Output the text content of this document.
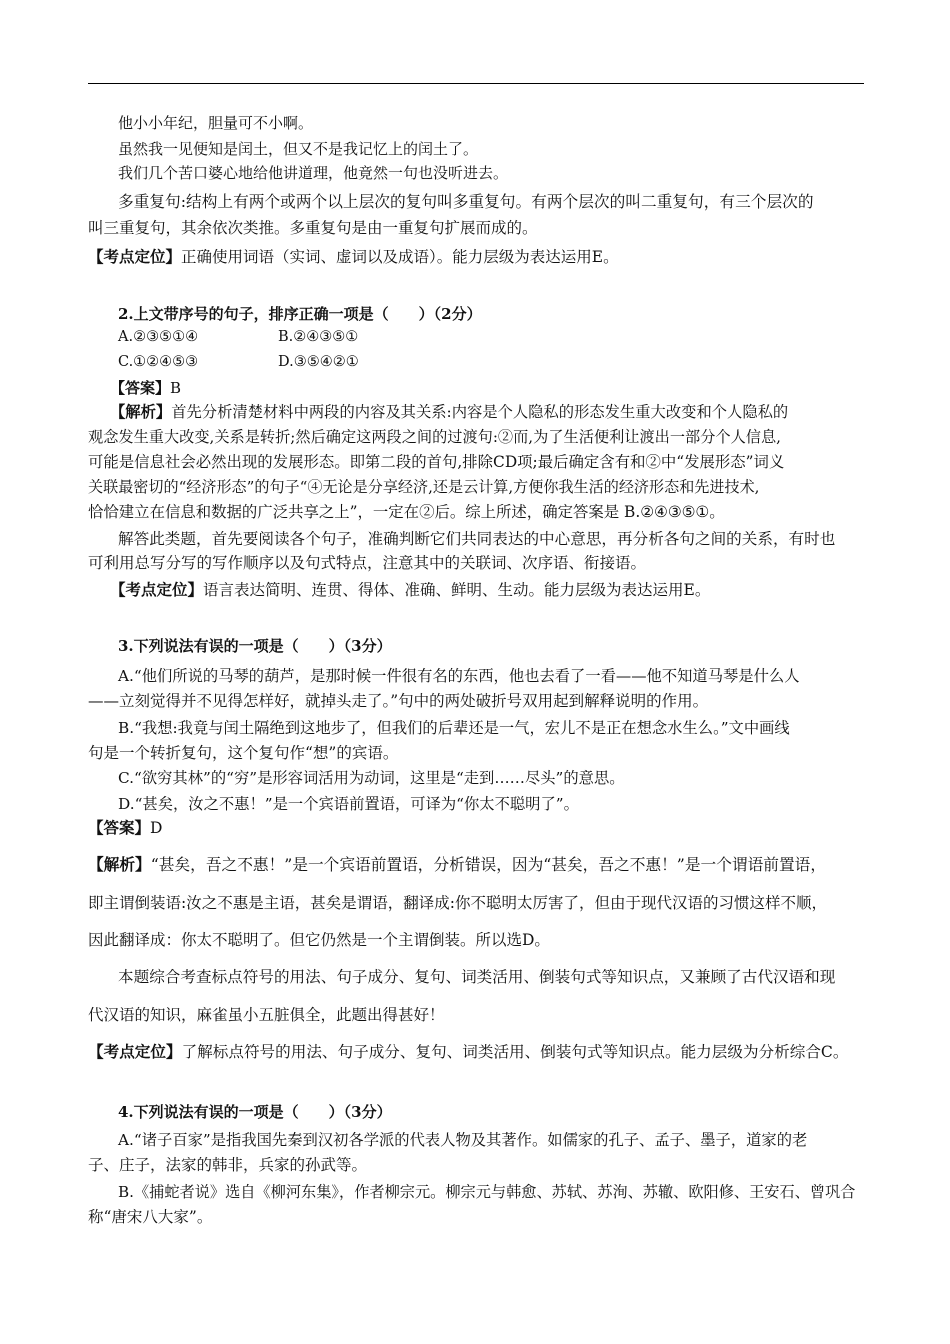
他小小年纪，胆量可不小啊。
虽然我一见便知是闰土，但又不是我记忆上的闰土了。
我们几个苦口婆心地给他讲道理，他竟然一句也没听进去。
多重复句:结构上有两个或两个以上层次的复句叫多重复句。有两个层次的叫二重复句，有三个层次的
叫三重复句，其余依次类推。多重复句是由一重复句扩展而成的。
【考点定位】正确使用词语（实词、虚词以及成语）。能力层级为表达运用E。
2.上文带序号的句子，排序正确一项是（　　）（2分）
A.②③⑤①④	B.②④③⑤①
C.①②④⑤③	D.③⑤④②①
【答案】B
【解析】首先分析清楚材料中两段的内容及其关系:内容是个人隐私的形态发生重大改变和个人隐私的
观念发生重大改变,关系是转折;然后确定这两段之间的过渡句:②而,为了生活便利让渡出一部分个人信息,
可能是信息社会必然出现的发展形态。即第二段的首句,排除CD项;最后确定含有和②中“发展形态”词义
关联最密切的“经济形态”的句子“④无论是分享经济,还是云计算,方便你我生活的经济形态和先进技术,
恰恰建立在信息和数据的广泛共享之上”，一定在②后。综上所述，确定答案是 B.②④③⑤①。
解答此类题，首先要阅读各个句子，准确判断它们共同表达的中心意思，再分析各句之间的关系，有时也
可利用总写分写的写作顺序以及句式特点，注意其中的关联词、次序语、衔接语。
【考点定位】语言表达简明、连贯、得体、准确、鲜明、生动。能力层级为表达运用E。
3.下列说法有误的一项是（　　）（3分）
A.“他们所说的马琴的葫芦，是那时候一件很有名的东西，他也去看了一看——他不知道马琴是什么人
——立刻觉得并不见得怎样好，就掉头走了。”句中的两处破折号双用起到解释说明的作用。
B.“我想:我竟与闰土隔绝到这地步了，但我们的后辈还是一气，宏儿不是正在想念水生么。”文中画线
句是一个转折复句，这个复句作“想”的宾语。
C.“欲穷其林”的“穷”是形容词活用为动词，这里是“走到……尽头”的意思。
D.“甚矣，汝之不惠！”是一个宾语前置语，可译为“你太不聪明了”。
【答案】D
【解析】“甚矣，吾之不惠！”是一个宾语前置语，分析错误，因为“甚矣，吾之不惠！”是一个谓语前置语，
即主谓倒装语:汝之不惠是主语，甚矣是谓语，翻译成:你不聪明太厉害了，但由于现代汉语的习惯这样不顺，
因此翻译成：你太不聪明了。但它仍然是一个主谓倒装。所以选D。
本题综合考查标点符号的用法、句子成分、复句、词类活用、倒装句式等知识点，又兼顾了古代汉语和现
代汉语的知识，麻雀虽小五脏俱全，此题出得甚好！
【考点定位】了解标点符号的用法、句子成分、复句、词类活用、倒装句式等知识点。能力层级为分析综合C。
4.下列说法有误的一项是（　　）（3分）
A.“诸子百家”是指我国先秦到汉初各学派的代表人物及其著作。如儒家的孔子、孟子、墨子，道家的老
子、庄子，法家的韩非，兵家的孙武等。
B.《捕蛇者说》选自《柳河东集》，作者柳宗元。柳宗元与韩愈、苏轼、苏洵、苏辙、欧阳修、王安石、曾巩合
称“唐宋八大家”。
